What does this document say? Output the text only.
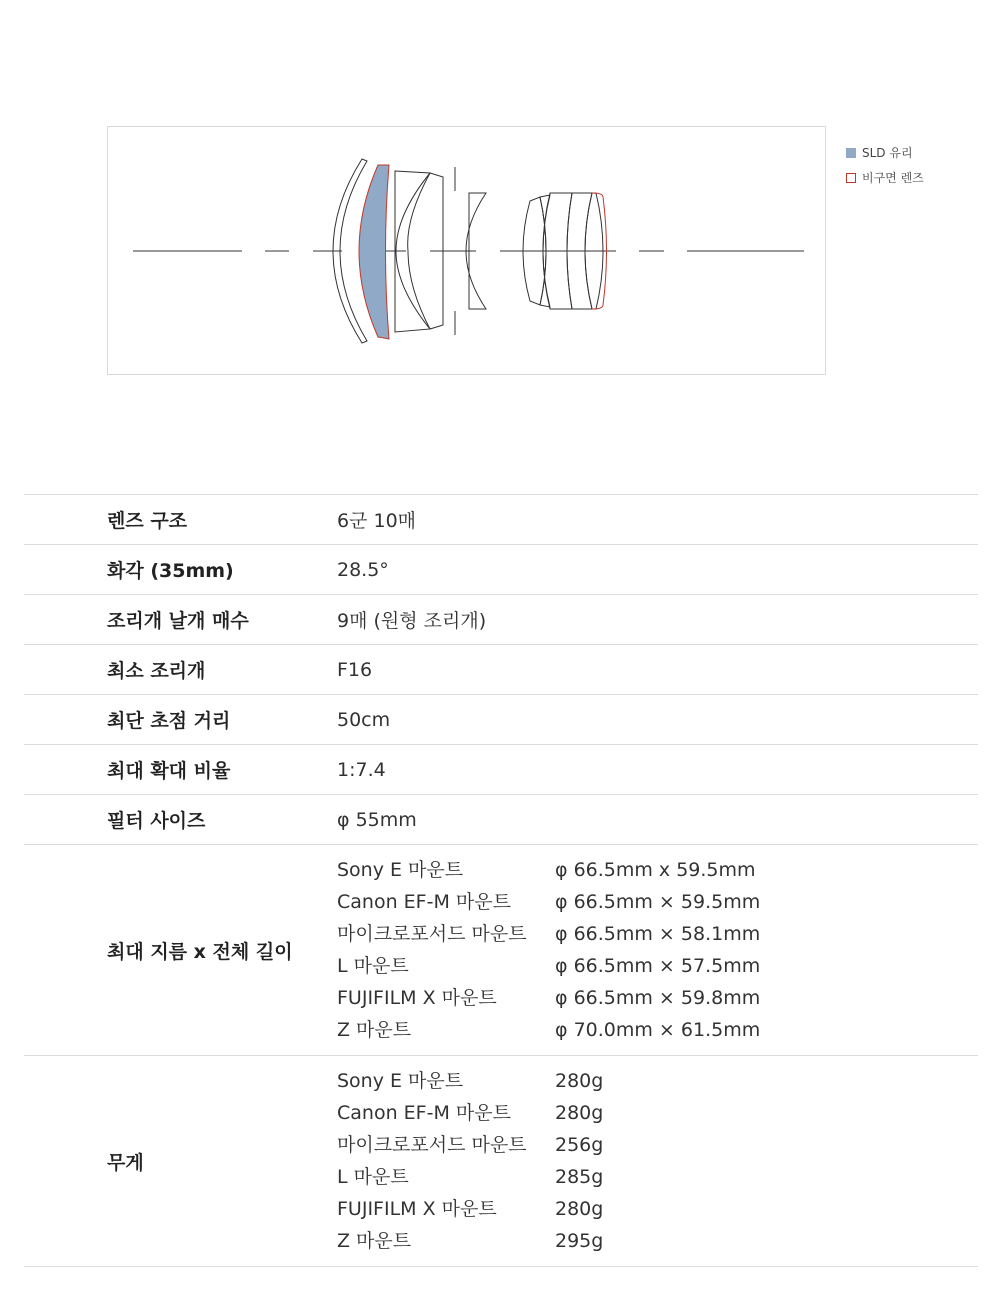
SLD 유리
비구면 렌즈
렌즈 구조	6군 10매
화각 (35mm)	28.5°
조리개 날개 매수	9매 (원형 조리개)
최소 조리개	F16
최단 초점 거리	50cm
최대 확대 비율	1:7.4
필터 사이즈	φ 55mm
최대 지름 x 전체 길이
Sony E 마운트	φ 66.5mm x 59.5mm
Canon EF-M 마운트	φ 66.5mm × 59.5mm
마이크로포서드 마운트	φ 66.5mm × 58.1mm
L 마운트	φ 66.5mm × 57.5mm
FUJIFILM X 마운트	φ 66.5mm × 59.8mm
Z 마운트	φ 70.0mm × 61.5mm
무게
Sony E 마운트	280g
Canon EF-M 마운트	280g
마이크로포서드 마운트	256g
L 마운트	285g
FUJIFILM X 마운트	280g
Z 마운트	295g
